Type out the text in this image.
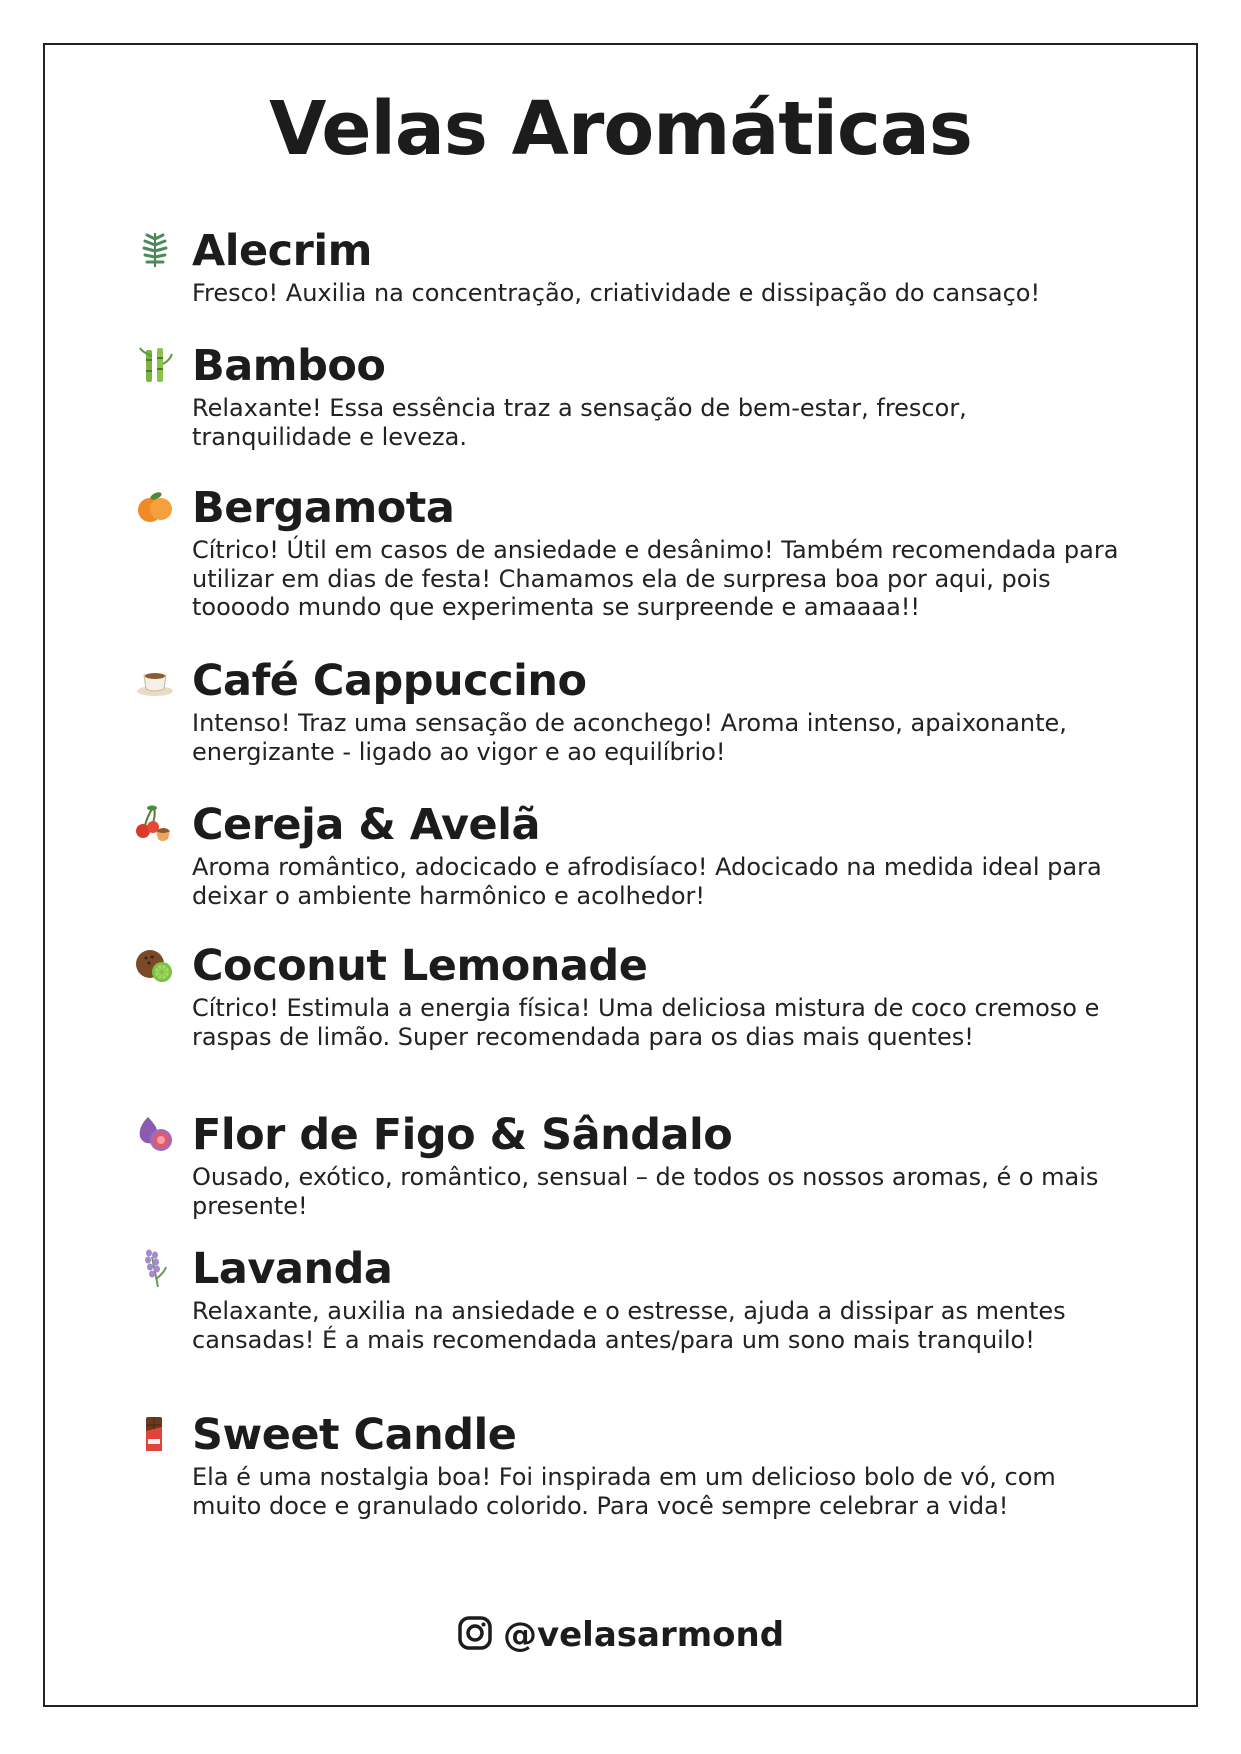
Velas Aromáticas
Alecrim

Fresco! Auxilia na concentração, criatividade e dissipação do cansaço!

Bamboo

Relaxante! Essa essência traz a sensação de bem-estar, frescor, tranquilidade e leveza.

Bergamota

Cítrico! Útil em casos de ansiedade e desânimo! Também recomendada para utilizar em dias de festa! Chamamos ela de surpresa boa por aqui, pois toooodo mundo que experimenta se surpreende e amaaaa!!

Café Cappuccino

Intenso! Traz uma sensação de aconchego! Aroma intenso, apaixonante, energizante - ligado ao vigor e ao equilíbrio!

Cereja & Avelã

Aroma romântico, adocicado e afrodisíaco! Adocicado na medida ideal para deixar o ambiente harmônico e acolhedor!

Coconut Lemonade

Cítrico! Estimula a energia física! Uma deliciosa mistura de coco cremoso e raspas de limão. Super recomendada para os dias mais quentes!

Flor de Figo & Sândalo

Ousado, exótico, romântico, sensual – de todos os nossos aromas, é o mais presente!

Lavanda

Relaxante, auxilia na ansiedade e o estresse, ajuda a dissipar as mentes cansadas! É a mais recomendada antes/para um sono mais tranquilo!

Sweet Candle

Ela é uma nostalgia boa! Foi inspirada em um delicioso bolo de vó, com muito doce e granulado colorido. Para você sempre celebrar a vida!

@velasarmond
